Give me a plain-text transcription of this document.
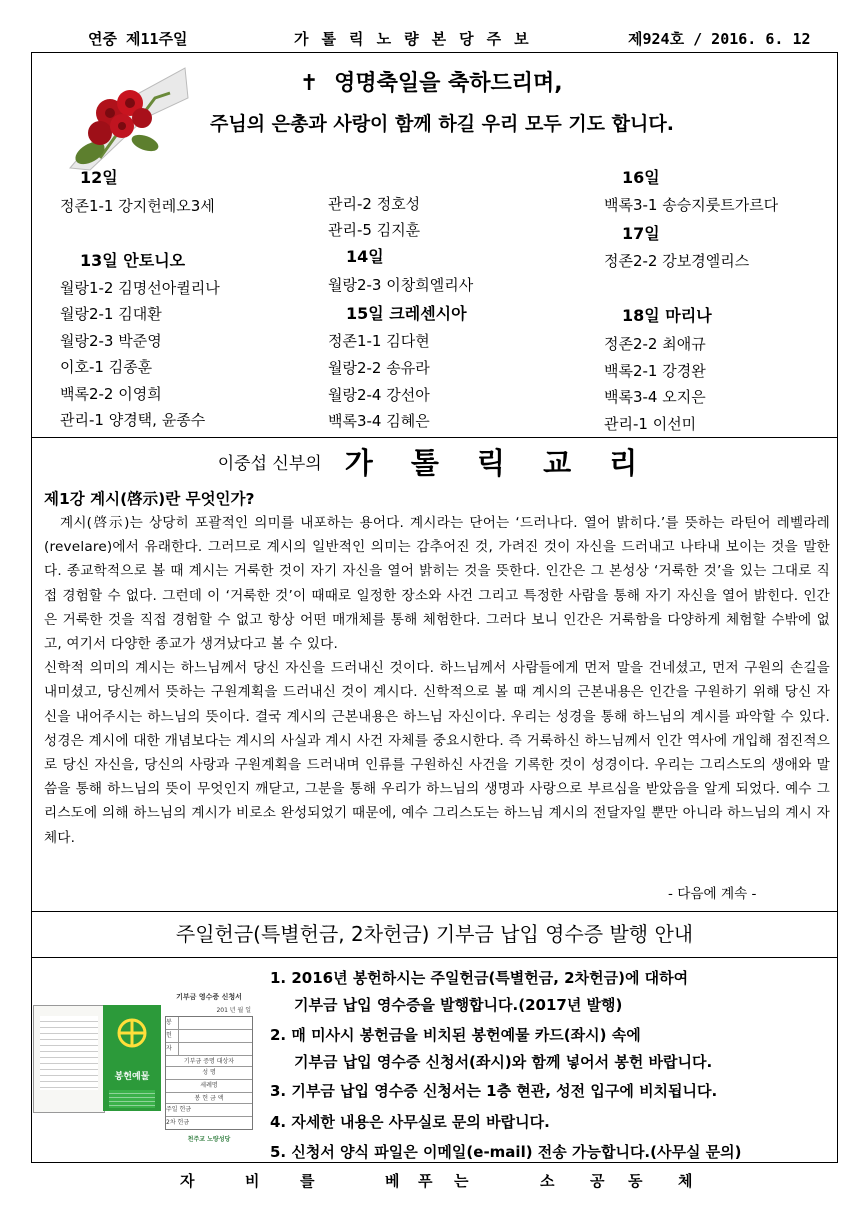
연중 제11주일	가 톨 릭 노 량 본 당 주 보	제924호 / 2016. 6. 12
✝ 영명축일을 축하드리며,
주님의 은총과 사랑이 함께 하길 우리 모두 기도 합니다.
12일
정존1-1 강지헌레오3세
13일 안토니오
월랑1-2 김명선아퀼리나
월랑2-1 김대환
월랑2-3 박준영
이호-1 김종훈
백록2-2 이영희
관리-1 양경택, 윤종수
관리-2 정호성
관리-5 김지훈
14일
월랑2-3 이창희엘리사
15일 크레센시아
정존1-1 김다현
월랑2-2 송유라
월랑2-4 강선아
백록3-4 김혜은
16일
백록3-1 송승지룻트가르다
17일
정존2-2 강보경엘리스
18일 마리나
정존2-2 최애규
백록2-1 강경완
백록3-4 오지은
관리-1 이선미
이중섭 신부의 가 톨 릭 교 리
제1강 계시(啓示)란 무엇인가?

계시(啓示)는 상당히 포괄적인 의미를 내포하는 용어다. 계시라는 단어는 ‘드러나다. 열어 밝히다.’를 뜻하는 라틴어 레벨라레(revelare)에서 유래한다. 그러므로 계시의 일반적인 의미는 감추어진 것, 가려진 것이 자신을 드러내고 나타내 보이는 것을 말한다. 종교학적으로 볼 때 계시는 거룩한 것이 자기 자신을 열어 밝히는 것을 뜻한다. 인간은 그 본성상 ‘거룩한 것’을 있는 그대로 직접 경험할 수 없다. 그런데 이 ‘거룩한 것’이 때때로 일정한 장소와 사건 그리고 특정한 사람을 통해 자기 자신을 열어 밝힌다. 인간은 거룩한 것을 직접 경험할 수 없고 항상 어떤 매개체를 통해 체험한다. 그러다 보니 인간은 거룩함을 다양하게 체험할 수밖에 없고, 여기서 다양한 종교가 생겨났다고 볼 수 있다.

신학적 의미의 계시는 하느님께서 당신 자신을 드러내신 것이다. 하느님께서 사람들에게 먼저 말을 건네셨고, 먼저 구원의 손길을 내미셨고, 당신께서 뜻하는 구원계획을 드러내신 것이 계시다. 신학적으로 볼 때 계시의 근본내용은 인간을 구원하기 위해 당신 자신을 내어주시는 하느님의 뜻이다. 결국 계시의 근본내용은 하느님 자신이다. 우리는 성경을 통해 하느님의 계시를 파악할 수 있다. 성경은 계시에 대한 개념보다는 계시의 사실과 계시 사건 자체를 중요시한다. 즉 거룩하신 하느님께서 인간 역사에 개입해 점진적으로 당신 자신을, 당신의 사랑과 구원계획을 드러내며 인류를 구원하신 사건을 기록한 것이 성경이다. 우리는 그리스도의 생애와 말씀을 통해 하느님의 뜻이 무엇인지 깨닫고, 그분을 통해 우리가 하느님의 생명과 사랑으로 부르심을 받았음을 알게 되었다. 예수 그리스도에 의해 하느님의 계시가 비로소 완성되었기 때문에, 예수 그리스도는 하느님 계시의 전달자일 뿐만 아니라 하느님의 계시 자체다.

- 다음에 계속 -
주일헌금(특별헌금, 2차헌금) 기부금 납입 영수증 발행 안내
봉헌예물
기부금 영수증 신청서
201 년 월 일
봉
헌
자
기부금 증명 대상자
성 명
세례명
봉 헌 금 액
주일 헌금
2차 헌금
천주교 노량성당
1. 2016년 봉헌하시는 주일헌금(특별헌금, 2차헌금)에 대하여
기부금 납입 영수증을 발행합니다.(2017년 발행)
2. 매 미사시 봉헌금을 비치된 봉헌예물 카드(좌시) 속에
기부금 납입 영수증 신청서(좌시)와 함께 넣어서 봉헌 바랍니다.
3. 기부금 납입 영수증 신청서는 1층 현관, 성전 입구에 비치됩니다.
4. 자세한 내용은 사무실로 문의 바랍니다.
5. 신청서 양식 파일은 이메일(e-mail) 전송 가능합니다.(사무실 문의)
자	비	를	베 푸 는	소 공 동 체
